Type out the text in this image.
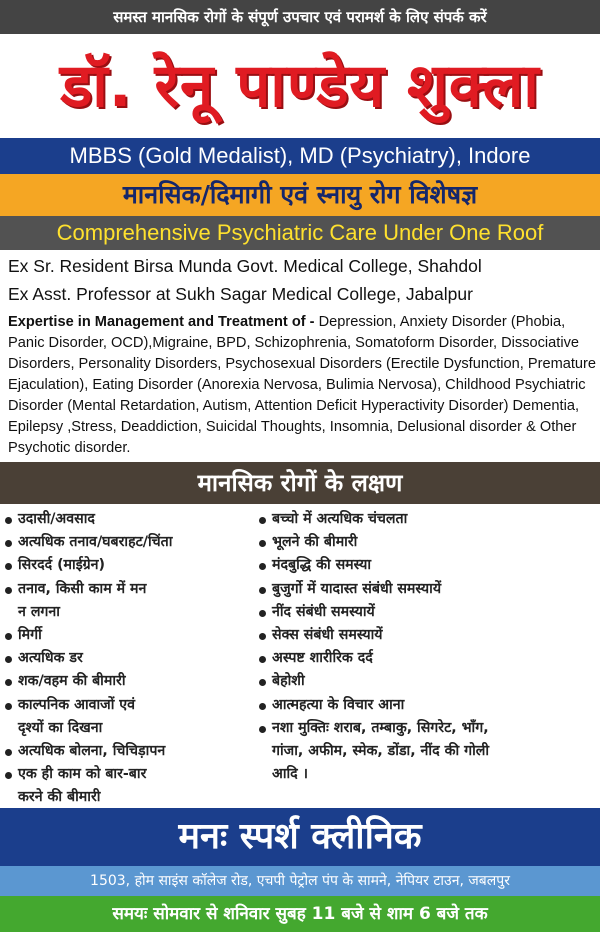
समस्त मानसिक रोगों के संपूर्ण उपचार एवं परामर्श के लिए संपर्क करें
डॉ. रेनू पाण्डेय शुक्ला
MBBS (Gold Medalist), MD (Psychiatry), Indore
मानसिक/दिमागी एवं स्नायु रोग विशेषज्ञ
Comprehensive Psychiatric Care Under One Roof
Ex Sr. Resident Birsa Munda Govt. Medical College, Shahdol
Ex Asst. Professor at Sukh Sagar Medical College, Jabalpur
Expertise in Management and Treatment of - Depression, Anxiety Disorder (Phobia, Panic Disorder, OCD),Migraine, BPD, Schizophrenia, Somatoform Disorder, Dissociative Disorders, Personality Disorders, Psychosexual Disorders (Erectile Dysfunction, Premature Ejaculation), Eating Disorder (Anorexia Nervosa, Bulimia Nervosa), Childhood Psychiatric Disorder (Mental Retardation, Autism, Attention Deficit Hyperactivity Disorder) Dementia, Epilepsy ,Stress, Deaddiction, Suicidal Thoughts, Insomnia, Delusional disorder & Other Psychotic disorder.
मानसिक रोगों के लक्षण
उदासी/अवसाद
अत्यधिक तनाव/घबराहट/चिंता
सिरदर्द (माईग्रेन)
तनाव, किसी काम में मन
न लगना
मिर्गी
अत्यधिक डर
शक/वहम की बीमारी
काल्पनिक आवाजों एवं
दृश्यों का दिखना
अत्यधिक बोलना, चिचिड़ापन
एक ही काम को बार-बार
करने की बीमारी
बच्चो में अत्यधिक चंचलता
भूलने की बीमारी
मंदबुद्धि की समस्या
बुजुर्गो में यादास्त संबंधी समस्यायें
नींद संबंधी समस्यायें
सेक्स संबंधी समस्यायें
अस्पष्ट शारीरिक दर्द
बेहोशी
आत्महत्या के विचार आना
नशा मुक्तिः शराब, तम्बाकु, सिगरेट, भाँग,
गांजा, अफीम, स्मेक, डोंडा, नींद की गोली
आदि ।
मनः स्पर्श क्लीनिक
1503, होम साइंस कॉलेज रोड, एचपी पेट्रोल पंप के सामने, नेपियर टाउन, जबलपुर
समयः सोमवार से शनिवार सुबह 11 बजे से शाम 6 बजे तक
